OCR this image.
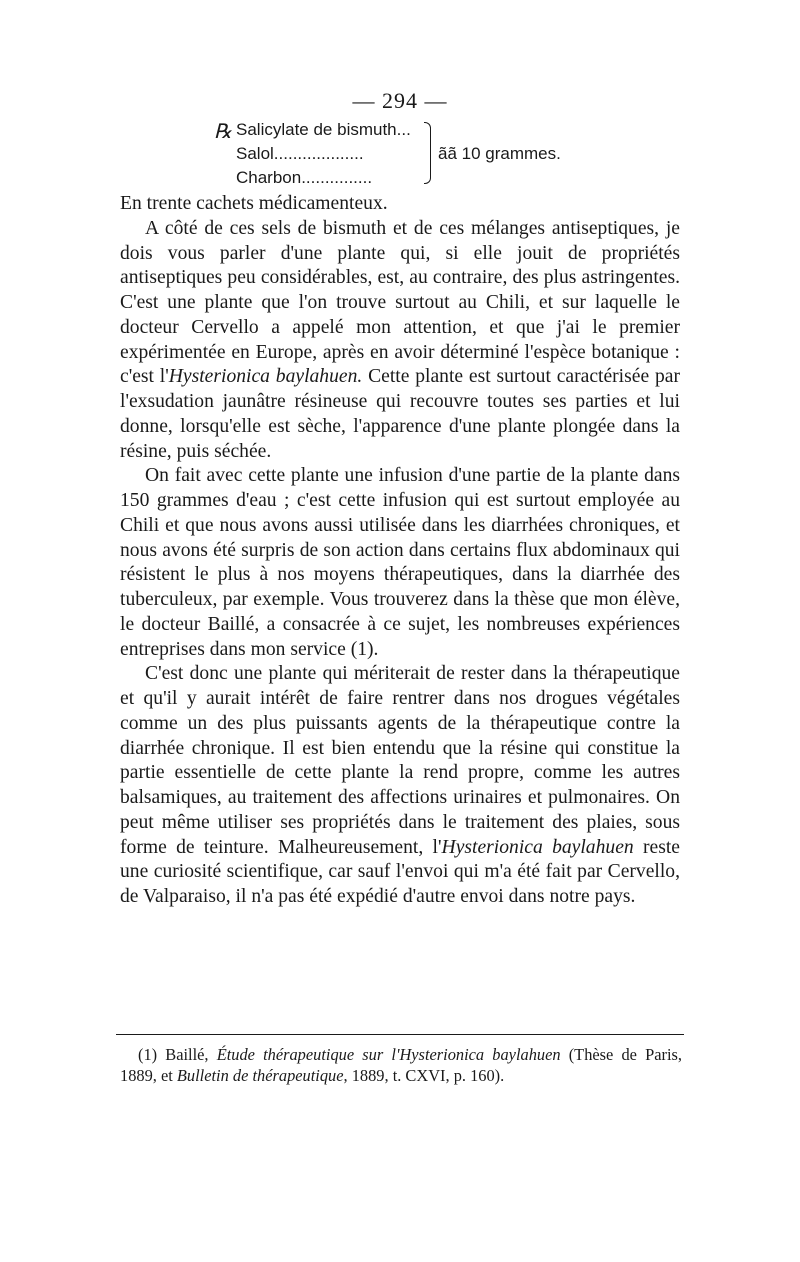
— 294 —
℞ Salicylate de bismuth...
Salol...................
Charbon...............
ãã 10 grammes.

En trente cachets médicamenteux.

A côté de ces sels de bismuth et de ces mélanges antiseptiques, je dois vous parler d'une plante qui, si elle jouit de propriétés antiseptiques peu considérables, est, au contraire, des plus astringentes. C'est une plante que l'on trouve surtout au Chili, et sur laquelle le docteur Cervello a appelé mon attention, et que j'ai le premier expérimentée en Europe, après en avoir déterminé l'espèce botanique : c'est l'Hysterionica baylahuen. Cette plante est surtout caractérisée par l'exsudation jaunâtre résineuse qui recouvre toutes ses parties et lui donne, lorsqu'elle est sèche, l'apparence d'une plante plongée dans la résine, puis séchée.

On fait avec cette plante une infusion d'une partie de la plante dans 150 grammes d'eau ; c'est cette infusion qui est surtout employée au Chili et que nous avons aussi utilisée dans les diarrhées chroniques, et nous avons été surpris de son action dans certains flux abdominaux qui résistent le plus à nos moyens thérapeutiques, dans la diarrhée des tuberculeux, par exemple. Vous trouverez dans la thèse que mon élève, le docteur Baillé, a consacrée à ce sujet, les nombreuses expériences entreprises dans mon service (1).

C'est donc une plante qui mériterait de rester dans la thérapeutique et qu'il y aurait intérêt de faire rentrer dans nos drogues végétales comme un des plus puissants agents de la thérapeutique contre la diarrhée chronique. Il est bien entendu que la résine qui constitue la partie essentielle de cette plante la rend propre, comme les autres balsamiques, au traitement des affections urinaires et pulmonaires. On peut même utiliser ses propriétés dans le traitement des plaies, sous forme de teinture. Malheureusement, l'Hysterionica baylahuen reste une curiosité scientifique, car sauf l'envoi qui m'a été fait par Cervello, de Valparaiso, il n'a pas été expédié d'autre envoi dans notre pays.

(1) Baillé, Étude thérapeutique sur l'Hysterionica baylahuen (Thèse de Paris, 1889, et Bulletin de thérapeutique, 1889, t. CXVI, p. 160).
